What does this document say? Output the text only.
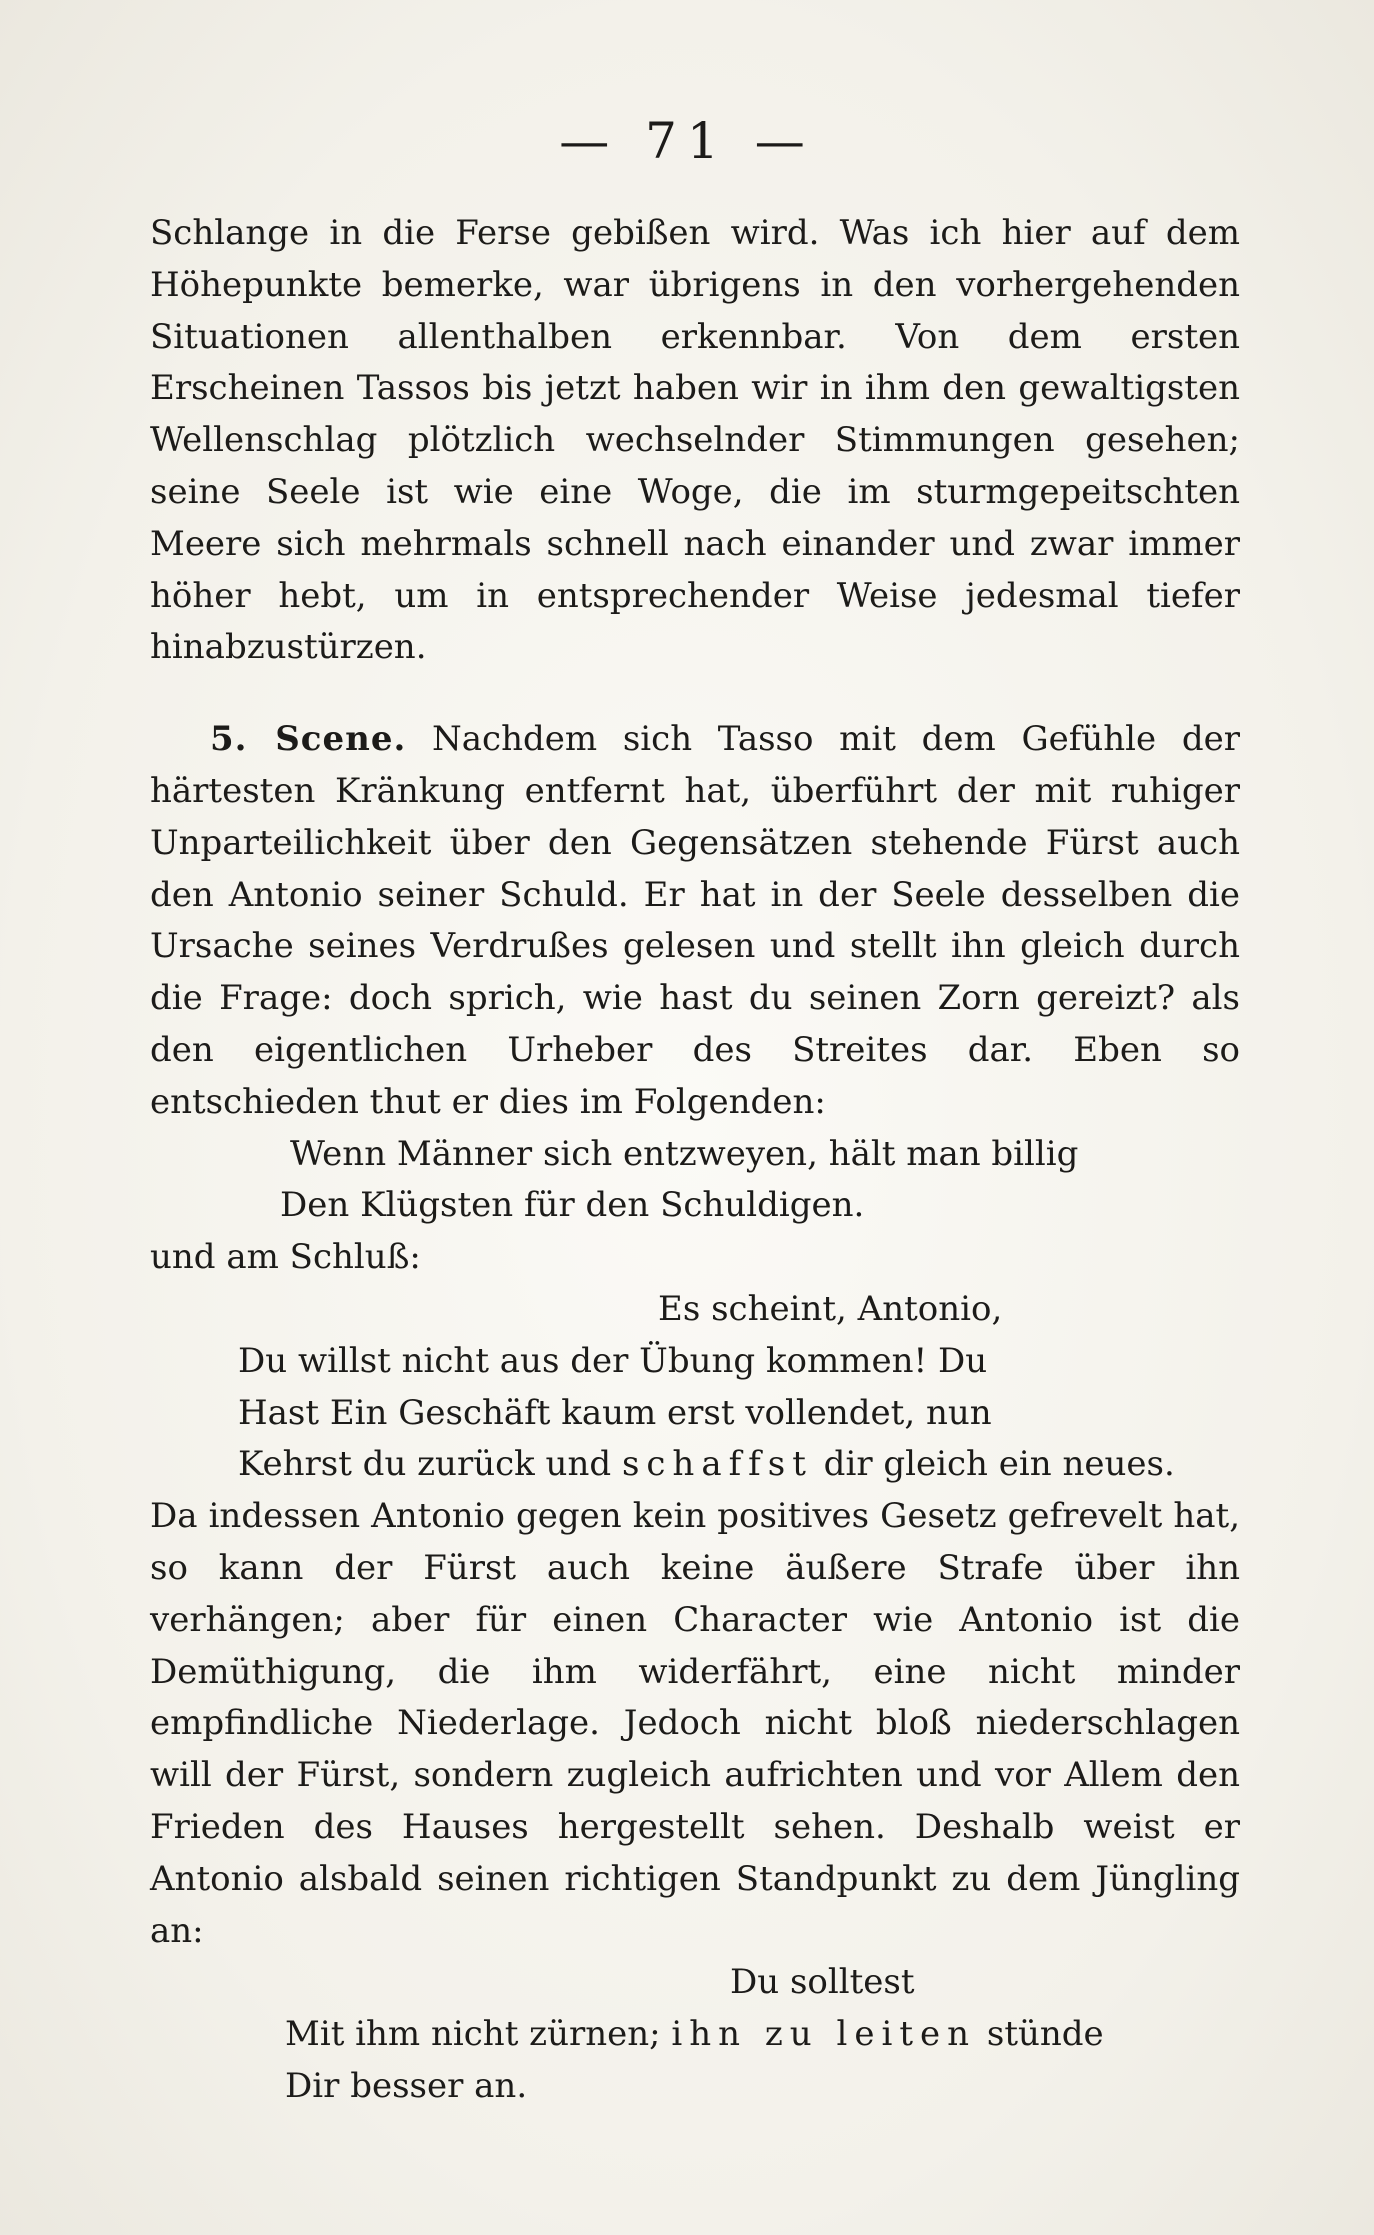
— 71 —

Schlange in die Ferse gebißen wird. Was ich hier auf dem Höhepunkte bemerke, war übrigens in den vorhergehenden Situationen allenthalben erkennbar. Von dem ersten Erscheinen Tassos bis jetzt haben wir in ihm den gewaltigsten Wellenschlag plötzlich wechselnder Stimmungen gesehen; seine Seele ist wie eine Woge, die im sturmgepeitschten Meere sich mehrmals schnell nach einander und zwar immer höher hebt, um in entsprechender Weise jedesmal tiefer hinabzustürzen.

5. Scene. Nachdem sich Tasso mit dem Gefühle der härtesten Kränkung entfernt hat, überführt der mit ruhiger Unparteilichkeit über den Gegensätzen stehende Fürst auch den Antonio seiner Schuld. Er hat in der Seele desselben die Ursache seines Verdrußes gelesen und stellt ihn gleich durch die Frage: doch sprich, wie hast du seinen Zorn gereizt? als den eigentlichen Urheber des Streites dar. Eben so entschieden thut er dies im Folgenden:

Wenn Männer sich entzweyen, hält man billig

Den Klügsten für den Schuldigen.

und am Schluß:

Es scheint, Antonio,

Du willst nicht aus der Übung kommen! Du

Hast Ein Geschäft kaum erst vollendet, nun

Kehrst du zurück und schaffst dir gleich ein neues.

Da indessen Antonio gegen kein positives Gesetz gefrevelt hat, so kann der Fürst auch keine äußere Strafe über ihn verhängen; aber für einen Character wie Antonio ist die Demüthigung, die ihm widerfährt, eine nicht minder empfindliche Niederlage. Jedoch nicht bloß niederschlagen will der Fürst, sondern zugleich aufrichten und vor Allem den Frieden des Hauses hergestellt sehen. Deshalb weist er Antonio alsbald seinen richtigen Standpunkt zu dem Jüngling an:

Du solltest

Mit ihm nicht zürnen; ihn zu leiten stünde

Dir besser an.
